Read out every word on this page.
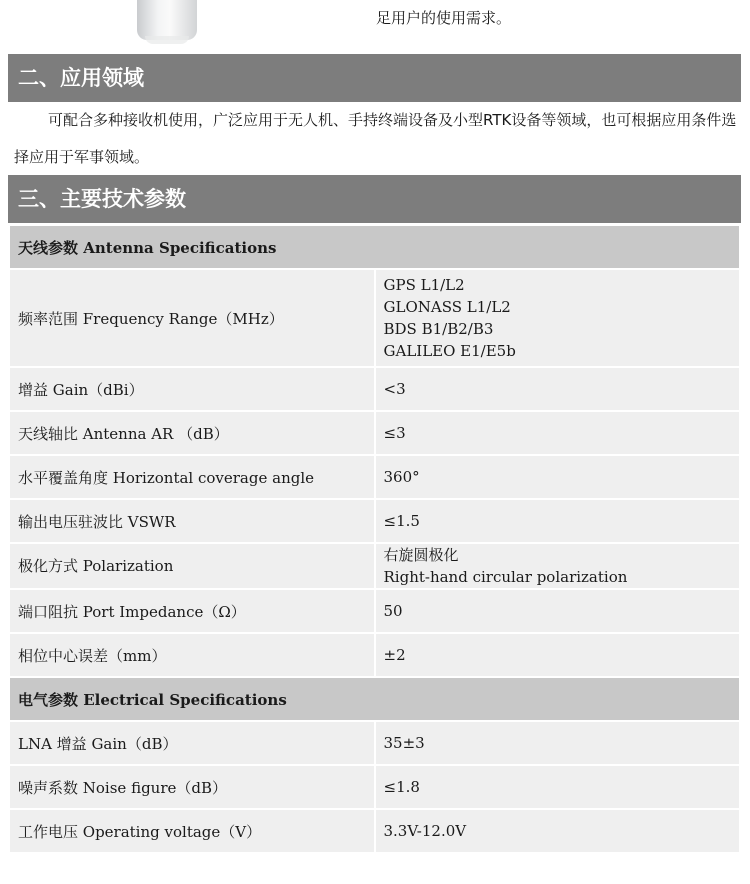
足用户的使用需求。
二、应用领域
可配合多种接收机使用，广泛应用于无人机、手持终端设备及小型RTK设备等领域，也可根据应用条件选择应用于军事领域。
三、主要技术参数
天线参数 Antenna Specifications	
频率范围 Frequency Range（MHz）	GPS L1/L2
GLONASS L1/L2
BDS B1/B2/B3
GALILEO E1/E5b

增益 Gain（dBi）	<3

天线轴比 Antenna AR （dB）	≤3

水平覆盖角度 Horizontal coverage angle	360°

输出电压驻波比 VSWR	≤1.5

极化方式 Polarization	右旋圆极化
Right-hand circular polarization

端口阻抗 Port Impedance（Ω）	50

相位中心误差（mm）	±2

电气参数 Electrical Specifications	
LNA 增益 Gain（dB）	35±3

噪声系数 Noise figure（dB）	≤1.8

工作电压 Operating voltage（V）	3.3V-12.0V
